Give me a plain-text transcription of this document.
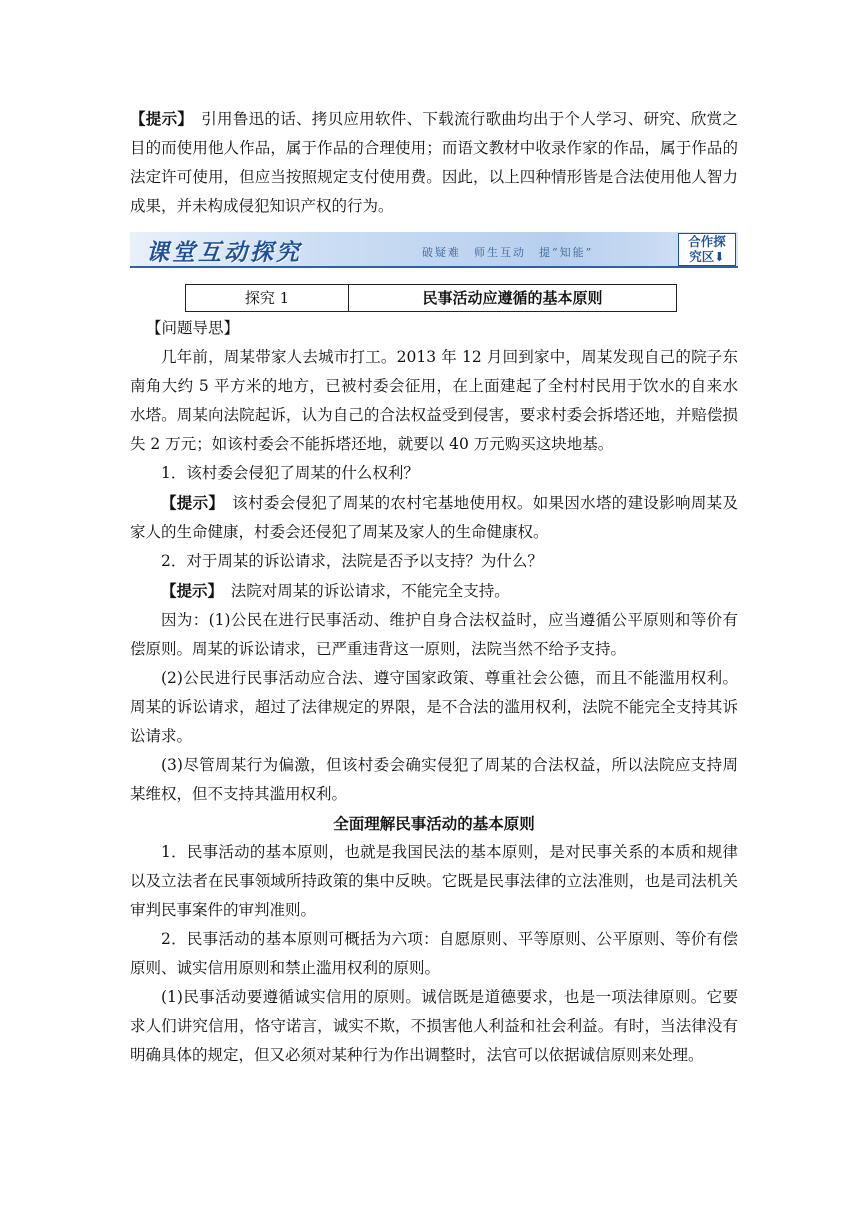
【提示】　引用鲁迅的话、拷贝应用软件、下载流行歌曲均出于个人学习、研究、欣赏之目的而使用他人作品，属于作品的合理使用；而语文教材中收录作家的作品，属于作品的法定许可使用，但应当按照规定支付使用费。因此，以上四种情形皆是合法使用他人智力成果，并未构成侵犯知识产权的行为。

课堂互动探究	破疑难　师生互动　提“知能”
合作探
究区⬇
探究 1	民事活动应遵循的基本原则

【问题导思】

几年前，周某带家人去城市打工。2013 年 12 月回到家中，周某发现自己的院子东南角大约 5 平方米的地方，已被村委会征用，在上面建起了全村村民用于饮水的自来水水塔。周某向法院起诉，认为自己的合法权益受到侵害，要求村委会拆塔还地，并赔偿损失 2 万元；如该村委会不能拆塔还地，就要以 40 万元购买这块地基。

1．该村委会侵犯了周某的什么权利？

【提示】　该村委会侵犯了周某的农村宅基地使用权。如果因水塔的建设影响周某及家人的生命健康，村委会还侵犯了周某及家人的生命健康权。

2．对于周某的诉讼请求，法院是否予以支持？为什么？

【提示】　法院对周某的诉讼请求，不能完全支持。

因为：(1)公民在进行民事活动、维护自身合法权益时，应当遵循公平原则和等价有偿原则。周某的诉讼请求，已严重违背这一原则，法院当然不给予支持。

(2)公民进行民事活动应合法、遵守国家政策、尊重社会公德，而且不能滥用权利。周某的诉讼请求，超过了法律规定的界限，是不合法的滥用权利，法院不能完全支持其诉讼请求。

(3)尽管周某行为偏激，但该村委会确实侵犯了周某的合法权益，所以法院应支持周某维权，但不支持其滥用权利。

全面理解民事活动的基本原则

1．民事活动的基本原则，也就是我国民法的基本原则，是对民事关系的本质和规律以及立法者在民事领域所持政策的集中反映。它既是民事法律的立法准则，也是司法机关审判民事案件的审判准则。

2．民事活动的基本原则可概括为六项：自愿原则、平等原则、公平原则、等价有偿原则、诚实信用原则和禁止滥用权利的原则。

(1)民事活动要遵循诚实信用的原则。诚信既是道德要求，也是一项法律原则。它要求人们讲究信用，恪守诺言，诚实不欺，不损害他人利益和社会利益。有时，当法律没有明确具体的规定，但又必须对某种行为作出调整时，法官可以依据诚信原则来处理。
